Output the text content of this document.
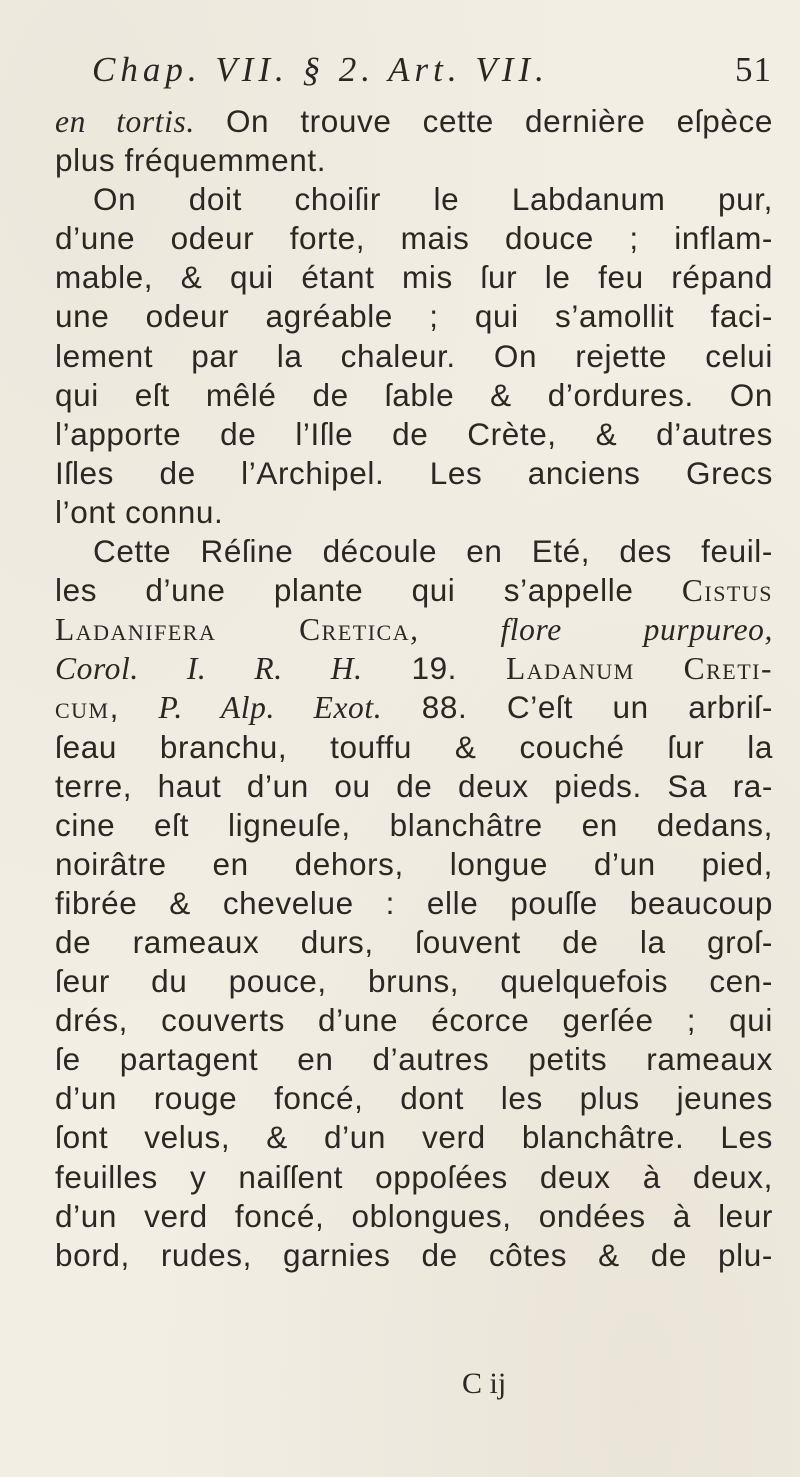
Chap. VII. § 2. Art. VII.	51
en tortis. On trouve cette dernière eſpèce
plus fréquemment.
On doit choiſir le Labdanum pur,
d’une odeur forte, mais douce ; inflam-
mable, & qui étant mis ſur le feu répand
une odeur agréable ; qui s’amollit faci-
lement par la chaleur. On rejette celui
qui eſt mêlé de ſable & d’ordures. On
l’apporte de l’Iſle de Crète, & d’autres
Iſles de l’Archipel. Les anciens Grecs
l’ont connu.
Cette Réſine découle en Eté, des feuil-
les d’une plante qui s’appelle Cistus
Ladanifera Cretica, flore purpureo,
Corol. I. R. H. 19. Ladanum Creti-
cum, P. Alp. Exot. 88. C’eſt un arbriſ-
ſeau branchu, touffu & couché ſur la
terre, haut d’un ou de deux pieds. Sa ra-
cine eſt ligneuſe, blanchâtre en dedans,
noirâtre en dehors, longue d’un pied,
fibrée & chevelue : elle pouſſe beaucoup
de rameaux durs, ſouvent de la groſ-
ſeur du pouce, bruns, quelquefois cen-
drés, couverts d’une écorce gerſée ; qui
ſe partagent en d’autres petits rameaux
d’un rouge foncé, dont les plus jeunes
ſont velus, & d’un verd blanchâtre. Les
feuilles y naiſſent oppoſées deux à deux,
d’un verd foncé, oblongues, ondées à leur
bord, rudes, garnies de côtes & de plu-
C ij
